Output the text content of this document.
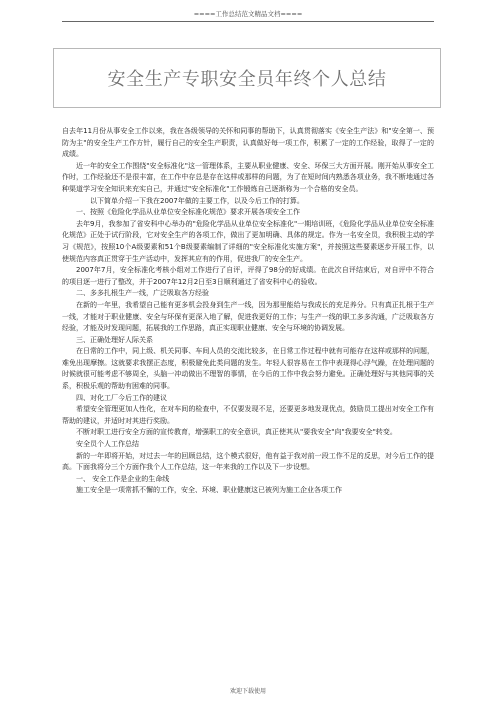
====工作总结范文精品文档====
安全生产专职安全员年终个人总结

自去年11月份从事安全工作以来，我在各级领导的关怀和同事的帮助下，认真贯彻落实《安全生产法》和"安全第一、预防为主"的安全生产工作方针，履行自己的安全生产职责，认真做好每一项工作，积累了一定的工作经验，取得了一定的成绩。

近一年的安全工作围绕"安全标准化"这一管理体系，主要从职业健康、安全、环保三大方面开展。刚开始从事安全工作时，工作经验还不是很丰富，在工作中存总是存在这样或那样的问题，为了在短时间内熟悉各项业务，我不断地通过各种渠道学习安全知识来充实自己，并通过"安全标准化"工作锻炼自己逐渐称为一个合格的安全员。

以下简单介绍一下我在2007年做的主要工作，以及今后工作的打算。

一、按照《危险化学品从业单位安全标准化规范》要求开展各项安全工作

去年9月，我参加了省安科中心举办的"危险化学品从业单位安全标准化"一期培训班，《危险化学品从业单位安全标准化规范》正处于试行阶段，它对安全生产的各项工作，做出了更加明确、具体的规定。作为一名安全员，我积极主动的学习《规范》，按照10个A级要素和51个B级要素编制了详细的"安全标准化实施方案"，并按照这些要素逐步开展工作，以使规范内容真正贯穿于生产活动中，发挥其应有的作用，促进我厂的安全生产。

2007年7月，安全标准化考核小组对工作进行了自评，评得了98分的好成绩。在此次自评结束后，对自评中不符合的项目逐一进行了整改，并于2007年12月2日至3日顺利通过了省安科中心的验收。

二、多多扎根生产一线，广泛吸取各方经验

在新的一年里，我希望自己能有更多机会投身到生产一线，因为那里能给与我成长的充足养分。只有真正扎根于生产一线，才能对于职业健康、安全与环保有更深入地了解，促进我更好的工作；与生产一线的职工多多沟通，广泛吸取各方经验，才能及时发现问题，拓展我的工作思路，真正实现职业健康、安全与环境的协调发展。

三、正确处理好人际关系

在日常的工作中，同上级、机关同事、车间人员的交流比较多，在日常工作过程中就有可能存在这样或那样的问题，难免出现摩擦。这就要求我摆正态度，积极避免此类问题的发生。年轻人很容易在工作中表现得心浮气躁，在处理问题的时候就很可能考虑不够周全，头脑一冲动做出不理智的事情，在今后的工作中我会努力避免。正确处理好与其他同事的关系，积极乐观的帮助有困难的同事。

四、对化工厂今后工作的建议

希望安全管理更加人性化，在对车间的检查中，不仅要发现不足，还要更多地发现优点，鼓励员工提出对安全工作有帮助的建议，并适时对其进行奖励。

不断对职工进行安全方面的宣传教育，增强职工的安全意识，真正使其从"要我安全"向"我要安全"转变。

安全员个人工作总结

新的一年即将开始，对过去一年的回顾总结，这个模式很好，他有益于我对前一段工作不足的反思，对今后工作的提高。下面我将分三个方面作我个人工作总结，这一年来我的工作以及下一步设想。

一、 安全工作是企业的生命线

施工安全是一项常抓不懈的工作，安全、环境、职业健康这已被列为施工企业各项工作

欢迎下载使用
